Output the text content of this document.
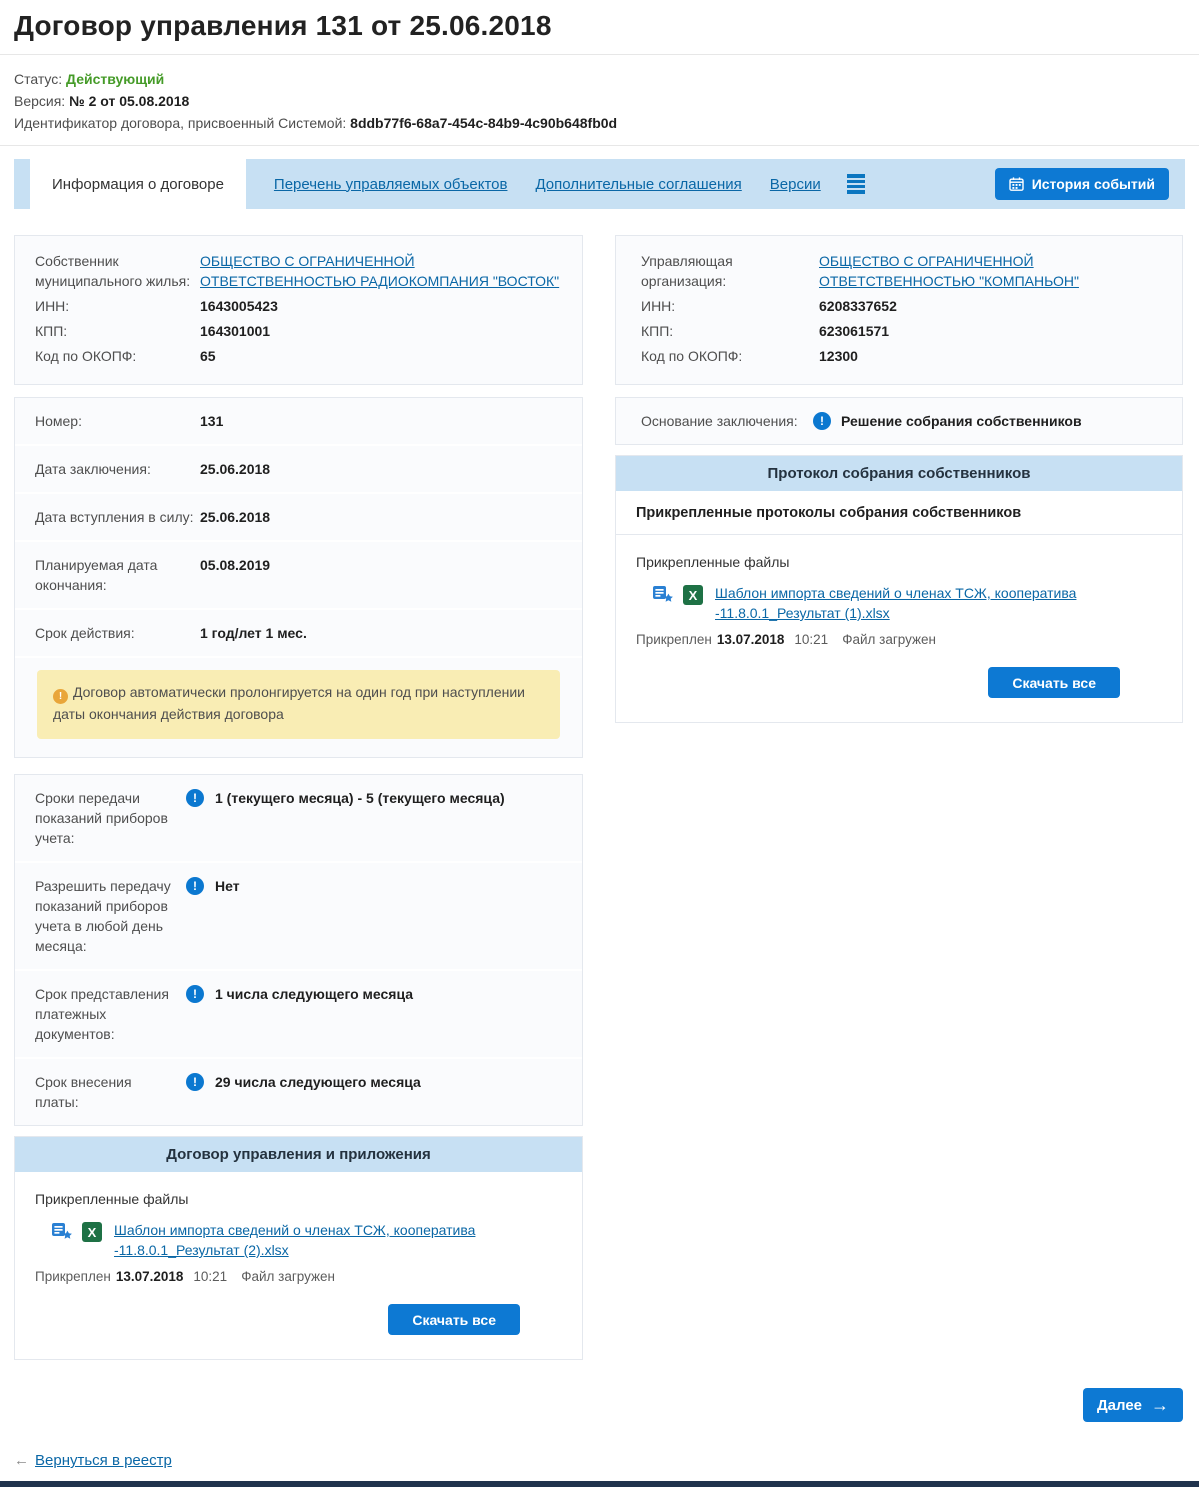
Договор управления 131 от 25.06.2018
Статус: Действующий
Версия: № 2 от 05.08.2018
Идентификатор договора, присвоенный Системой: 8ddb77f6-68a7-454c-84b9-4c90b648fb0d
Информация о договоре	Перечень управляемых объектов Дополнительные соглашения Версии	История событий
Собственник муниципального жилья:
ОБЩЕСТВО С ОГРАНИЧЕННОЙ ОТВЕТСТВЕННОСТЬЮ РАДИОКОМПАНИЯ "ВОСТОК"
ИНН:	1643005423
КПП:	164301001
Код по ОКОПФ:	65
Номер:	131
Дата заключения:	25.06.2018
Дата вступления в силу: 25.06.2018
Планируемая дата окончания:
05.08.2019
Срок действия:	1 год/лет 1 мес.
! Договор автоматически пролонгируется на один год при наступлении даты окончания действия договора
Сроки передачи показаний приборов учета:
!	1 (текущего месяца) - 5 (текущего месяца)
Разрешить передачу показаний приборов учета в любой день месяца:
!	Нет
Срок представления платежных документов:
!	1 числа следующего месяца
Срок внесения платы:
!	29 числа следующего месяца
Договор управления и приложения
Прикрепленные файлы
X	Шаблон импорта сведений о членах ТСЖ, кооператива -11.8.0.1_Результат (2).xlsx
Прикреплен 13.07.2018 10:21 Файл загружен
Скачать все
Управляющая организация:
ОБЩЕСТВО С ОГРАНИЧЕННОЙ ОТВЕТСТВЕННОСТЬЮ "КОМПАНЬОН"
ИНН:	6208337652
КПП:	623061571
Код по ОКОПФ:	12300
Основание заключения:	!	Решение собрания собственников
Протокол собрания собственников
Прикрепленные протоколы собрания собственников
Прикрепленные файлы
X	Шаблон импорта сведений о членах ТСЖ, кооператива -11.8.0.1_Результат (1).xlsx
Прикреплен 13.07.2018 10:21 Файл загружен
Скачать все
Далее →
← Вернуться в реестр
